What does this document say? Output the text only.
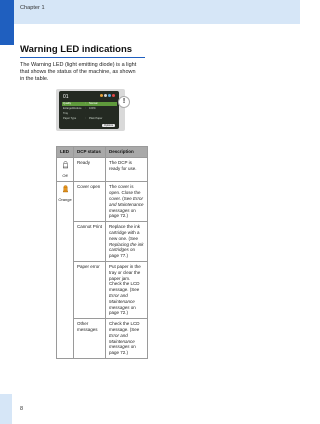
Chapter 1
Warning LED indications

The Warning LED (light emitting diode) is a light that shows the status of the machine, as shown in the table.

01
Quality	: Normal
Enlarge/Reduce : 100%
Tray
Paper Type	: Plain Paper
Options
!
LED	DCP status	Description

Off	Ready	The DCP is ready for use.

Orange	Cover open	The cover is open. Close the cover. (See Error and Maintenance messages on page 72.)
	Cannot Print	Replace the ink cartridge with a new one. (See Replacing the ink cartridges on page 77.)
	Paper error	Put paper in the tray or clear the paper jam. Check the LCD message. (See Error and Maintenance messages on page 72.)
	Other messages	Check the LCD message. (See Error and Maintenance messages on page 72.)
8
